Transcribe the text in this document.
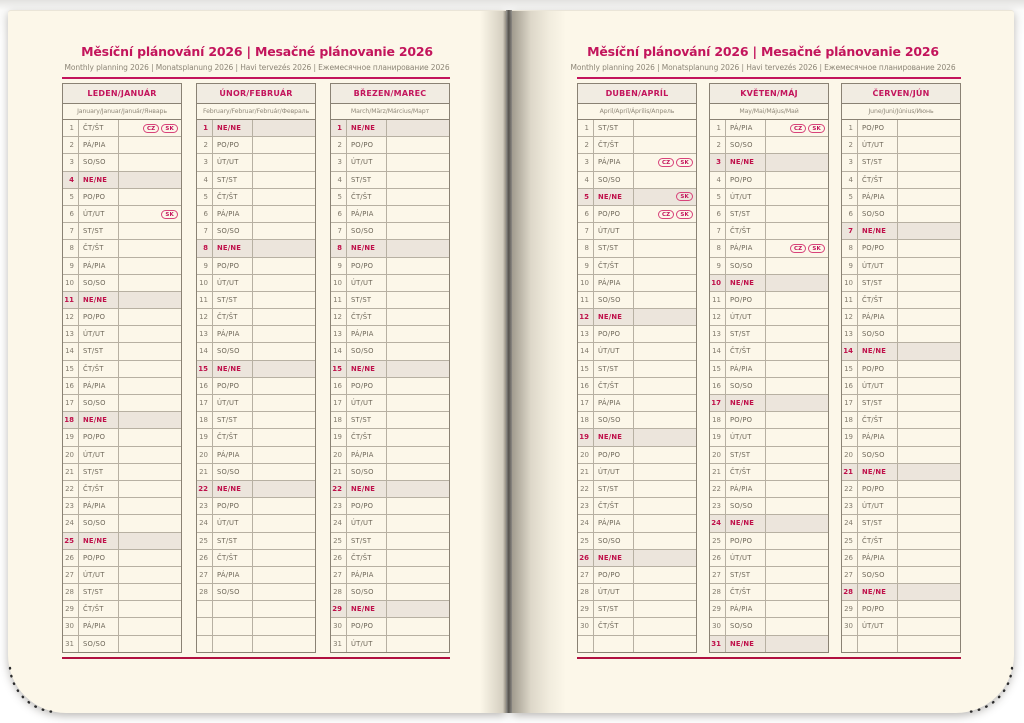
Měsíční plánování 2026 | Mesačné plánovanie 2026
Monthly planning 2026 | Monatsplanung 2026 | Havi tervezés 2026 | Ежемесячное планирование 2026
LEDEN/JANUÁR
January/Januar/Január/Январь
1	ČT/ŠT	CZ	SK
2	PÁ/PIA
3	SO/SO
4	NE/NE
5	PO/PO
6	ÚT/UT	SK
7	ST/ST
8	ČT/ŠT
9	PÁ/PIA
10	SO/SO
11	NE/NE
12	PO/PO
13	ÚT/UT
14	ST/ST
15	ČT/ŠT
16	PÁ/PIA
17	SO/SO
18	NE/NE
19	PO/PO
20	ÚT/UT
21	ST/ST
22	ČT/ŠT
23	PÁ/PIA
24	SO/SO
25	NE/NE
26	PO/PO
27	ÚT/UT
28	ST/ST
29	ČT/ŠT
30	PÁ/PIA
31	SO/SO
ÚNOR/FEBRUÁR
February/Februar/Február/Февраль
1	NE/NE
2	PO/PO
3	ÚT/UT
4	ST/ST
5	ČT/ŠT
6	PÁ/PIA
7	SO/SO
8	NE/NE
9	PO/PO
10	ÚT/UT
11	ST/ST
12	ČT/ŠT
13	PÁ/PIA
14	SO/SO
15	NE/NE
16	PO/PO
17	ÚT/UT
18	ST/ST
19	ČT/ŠT
20	PÁ/PIA
21	SO/SO
22	NE/NE
23	PO/PO
24	ÚT/UT
25	ST/ST
26	ČT/ŠT
27	PÁ/PIA
28	SO/SO
BŘEZEN/MAREC
March/März/Március/Март
1	NE/NE
2	PO/PO
3	ÚT/UT
4	ST/ST
5	ČT/ŠT
6	PÁ/PIA
7	SO/SO
8	NE/NE
9	PO/PO
10	ÚT/UT
11	ST/ST
12	ČT/ŠT
13	PÁ/PIA
14	SO/SO
15	NE/NE
16	PO/PO
17	ÚT/UT
18	ST/ST
19	ČT/ŠT
20	PÁ/PIA
21	SO/SO
22	NE/NE
23	PO/PO
24	ÚT/UT
25	ST/ST
26	ČT/ŠT
27	PÁ/PIA
28	SO/SO
29	NE/NE
30	PO/PO
31	ÚT/UT
Měsíční plánování 2026 | Mesačné plánovanie 2026
Monthly planning 2026 | Monatsplanung 2026 | Havi tervezés 2026 | Ежемесячное планирование 2026
DUBEN/APRÍL
April/Apríl/Április/Апрель
1	ST/ST
2	ČT/ŠT
3	PÁ/PIA	CZ	SK
4	SO/SO
5	NE/NE	SK
6	PO/PO	CZ	SK
7	ÚT/UT
8	ST/ST
9	ČT/ŠT
10	PÁ/PIA
11	SO/SO
12	NE/NE
13	PO/PO
14	ÚT/UT
15	ST/ST
16	ČT/ŠT
17	PÁ/PIA
18	SO/SO
19	NE/NE
20	PO/PO
21	ÚT/UT
22	ST/ST
23	ČT/ŠT
24	PÁ/PIA
25	SO/SO
26	NE/NE
27	PO/PO
28	ÚT/UT
29	ST/ST
30	ČT/ŠT
KVĚTEN/MÁJ
May/Mai/Május/Май
1	PÁ/PIA	CZ	SK
2	SO/SO
3	NE/NE
4	PO/PO
5	ÚT/UT
6	ST/ST
7	ČT/ŠT
8	PÁ/PIA	CZ	SK
9	SO/SO
10	NE/NE
11	PO/PO
12	ÚT/UT
13	ST/ST
14	ČT/ŠT
15	PÁ/PIA
16	SO/SO
17	NE/NE
18	PO/PO
19	ÚT/UT
20	ST/ST
21	ČT/ŠT
22	PÁ/PIA
23	SO/SO
24	NE/NE
25	PO/PO
26	ÚT/UT
27	ST/ST
28	ČT/ŠT
29	PÁ/PIA
30	SO/SO
31	NE/NE
ČERVEN/JÚN
June/Juni/Június/Июнь
1	PO/PO
2	ÚT/UT
3	ST/ST
4	ČT/ŠT
5	PÁ/PIA
6	SO/SO
7	NE/NE
8	PO/PO
9	ÚT/UT
10	ST/ST
11	ČT/ŠT
12	PÁ/PIA
13	SO/SO
14	NE/NE
15	PO/PO
16	ÚT/UT
17	ST/ST
18	ČT/ŠT
19	PÁ/PIA
20	SO/SO
21	NE/NE
22	PO/PO
23	ÚT/UT
24	ST/ST
25	ČT/ŠT
26	PÁ/PIA
27	SO/SO
28	NE/NE
29	PO/PO
30	ÚT/UT
